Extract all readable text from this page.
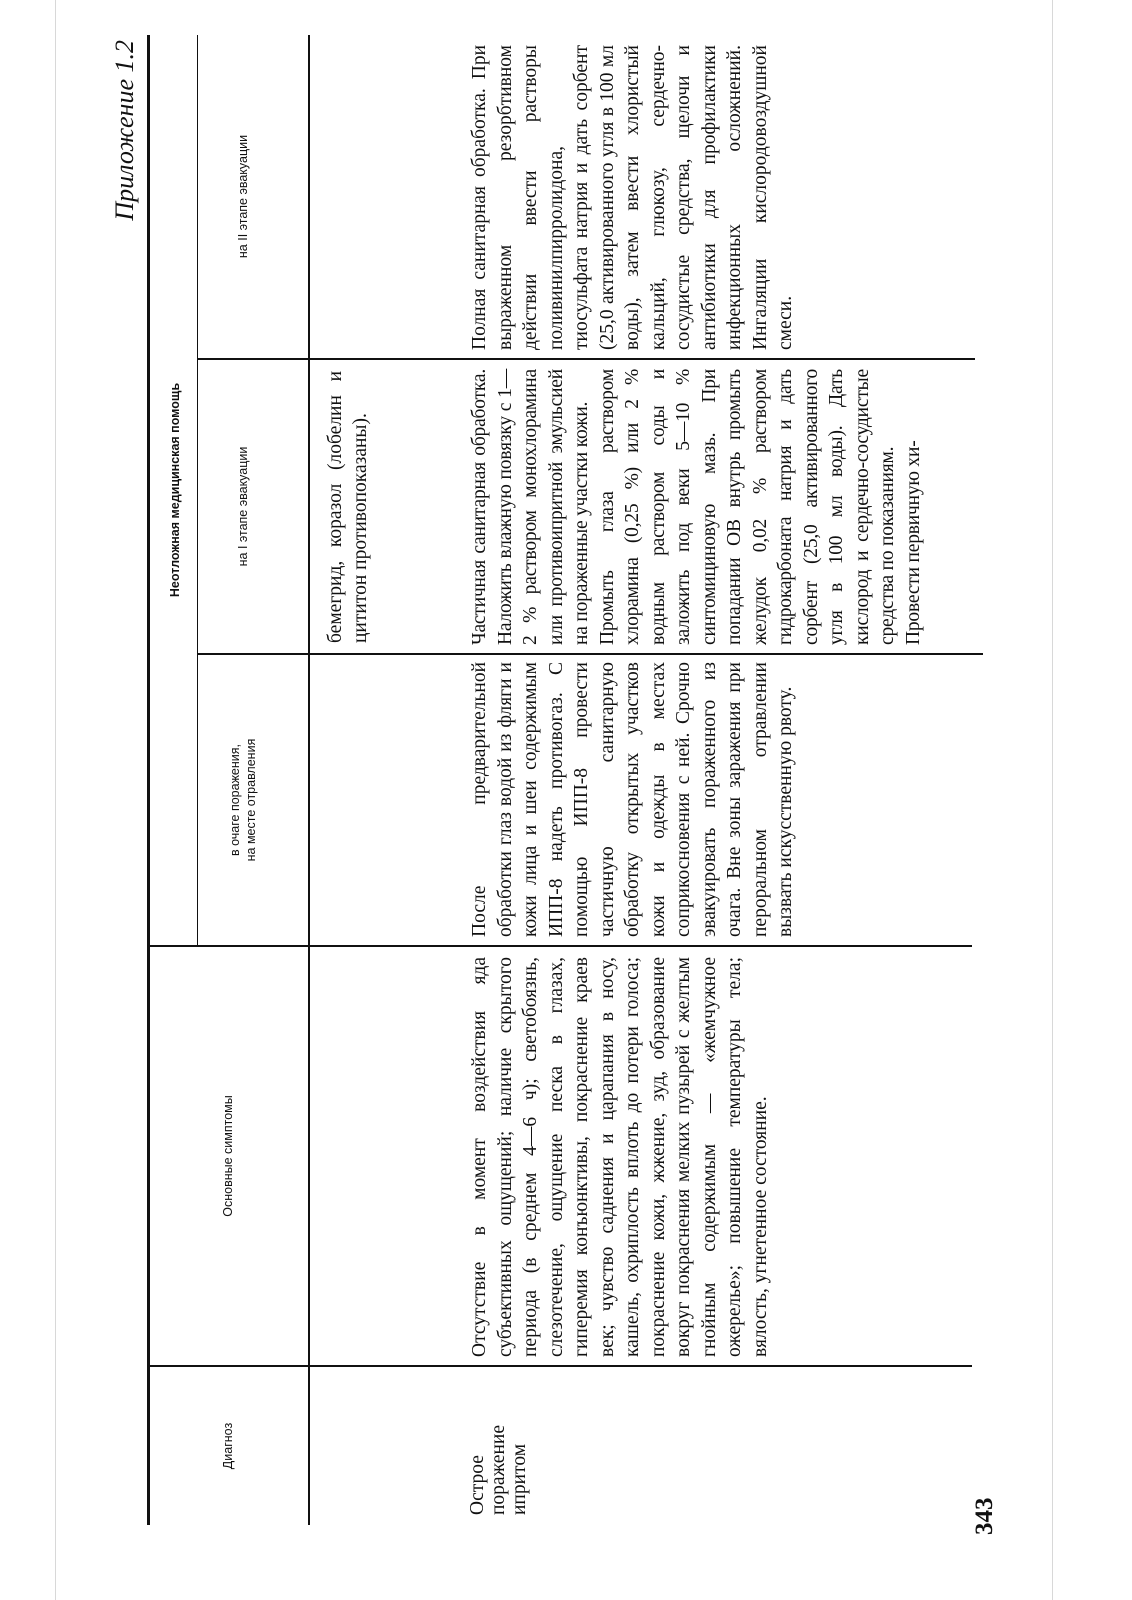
343
Приложение 1.2
Диагноз
Основные симптомы
Неотложная медицинская помощь
в очаге поражения, на месте отравления
на I этапе эвакуации
на II этапе эвакуации
бемегрид, коразол (лобелин и цититон противопоказаны).
Острое поражение ипритом
Отсутствие в момент воздействия яда субъективных ощущений; наличие скрытого периода (в среднем 4—6 ч); светобоязнь, слезотечение, ощущение песка в глазах, гиперемия конъюнктивы, покраснение краев век; чувство саднения и царапания в носу, кашель, охриплость вплоть до потери голоса; покраснение кожи, жжение, зуд, образование вокруг покраснения мелких пузырей с желтым гнойным содержимым — «жемчужное ожерелье»; повышение температуры тела; вялость, угнетенное состояние.
После предварительной обработки глаз водой из фляги и кожи лица и шеи содержимым ИПП-8 надеть противогаз. С помощью ИПП-8 провести частичную санитарную обработку открытых участков кожи и одежды в местах соприкосновения с ней. Срочно эвакуировать пораженного из очага. Вне зоны заражения при пероральном отравлении вызвать искусственную рвоту.
Частичная санитарная обработка. Наложить влажную повязку с 1—2 % раствором монохлорамина или противоипритной эмульсией на пораженные участки кожи. Промыть глаза раствором хлорамина (0,25 %) или 2 % водным раствором соды и заложить под веки 5—10 % синтомициновую мазь. При попадании ОВ внутрь промыть желудок 0,02 % раствором гидрокарбоната натрия и дать сорбент (25,0 активированного угля в 100 мл воды). Дать кислород и сердечно-сосудистые средства по показаниям. Провести первичную хи-
Полная санитарная обработка. При выраженном резорбтивном действии ввести растворы поливинилпирролидона, тиосульфата натрия и дать сорбент (25,0 активированного угля в 100 мл воды), затем ввести хлористый кальций, глюкозу, сердечно-сосудистые средства, щелочи и антибиотики для профилактики инфекционных осложнений. Ингаляции кислородовоздушной смеси.
